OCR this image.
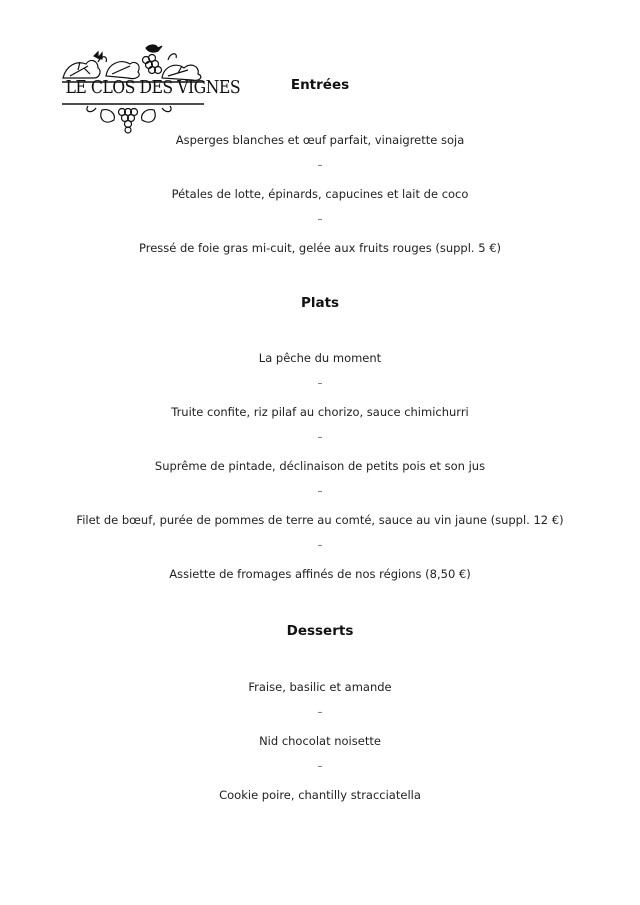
LE CLOS DES VIGNES	Entrées
Asperges blanches et œuf parfait, vinaigrette soja
–
Pétales de lotte, épinards, capucines et lait de coco
–
Pressé de foie gras mi-cuit, gelée aux fruits rouges (suppl. 5 €)
Plats
La pêche du moment
–
Truite confite, riz pilaf au chorizo, sauce chimichurri
–
Suprême de pintade, déclinaison de petits pois et son jus
–
Filet de bœuf, purée de pommes de terre au comté, sauce au vin jaune (suppl. 12 €)
–
Assiette de fromages affinés de nos régions (8,50 €)
Desserts
Fraise, basilic et amande
–
Nid chocolat noisette
–
Cookie poire, chantilly stracciatella
